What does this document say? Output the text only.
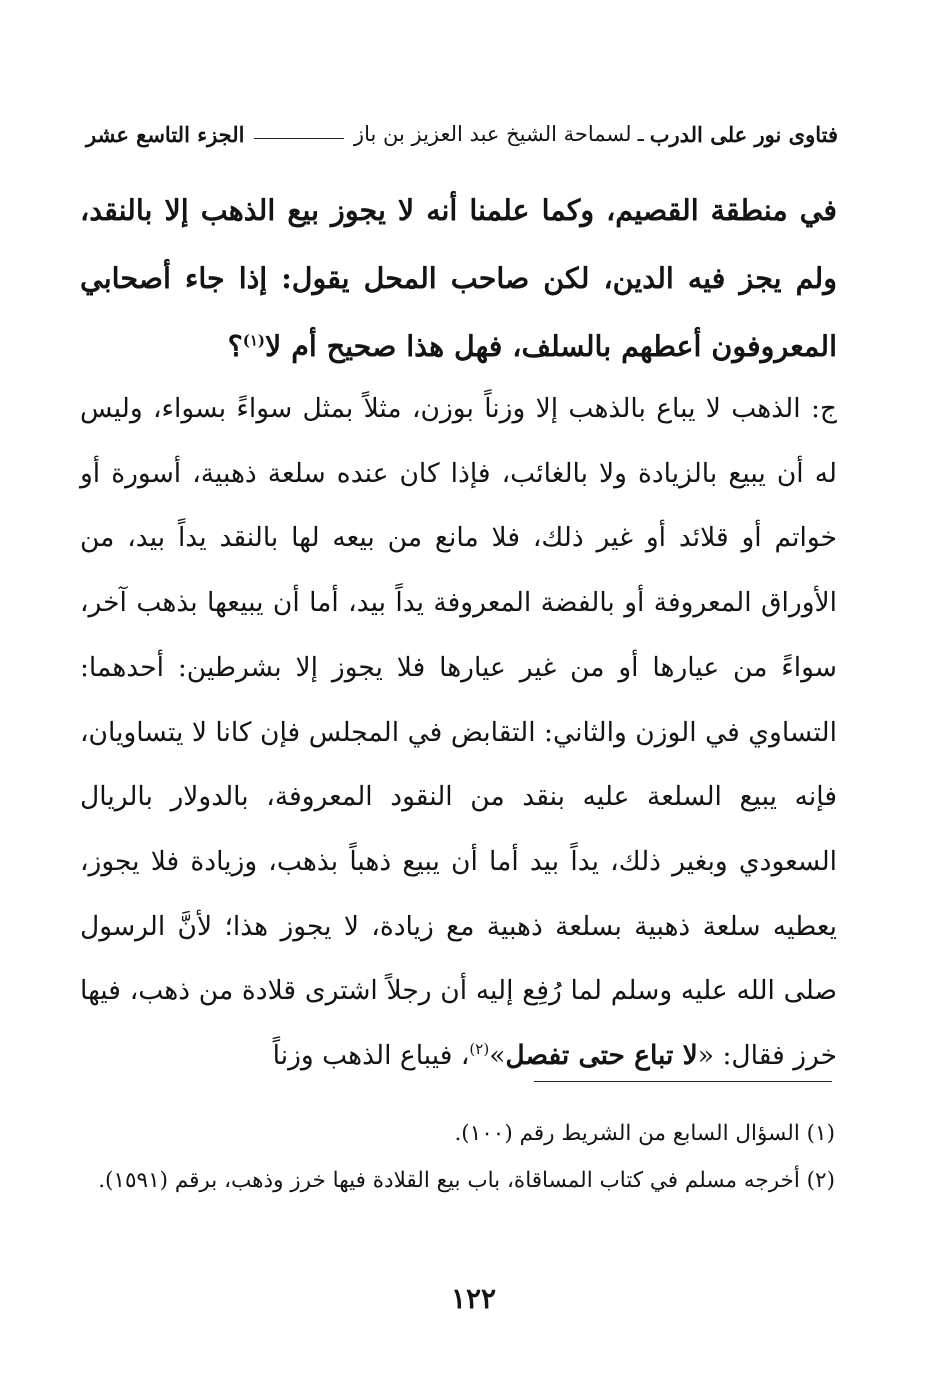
فتاوى نور على الدرب
ـ
لسماحة الشيخ عبد العزيز بن باز
الجزء التاسع عشر
في منطقة القصيم، وكما علمنا أنه لا يجوز بيع الذهب إلا بالنقد، ولم يجز فيه الدين، لكن صاحب المحل يقول: إذا جاء أصحابي المعروفون أعطهم بالسلف، فهل هذا صحيح أم لا$^{(١)}$؟
ج: الذهب لا يباع بالذهب إلا وزناً بوزن، مثلاً بمثل سواءً بسواء، وليس له أن يبيع بالزيادة ولا بالغائب، فإذا كان عنده سلعة ذهبية، أسورة أو خواتم أو قلائد أو غير ذلك، فلا مانع من بيعه لها بالنقد يداً بيد، من الأوراق المعروفة أو بالفضة المعروفة يداً بيد، أما أن يبيعها بذهب آخر، سواءً من عيارها أو من غير عيارها فلا يجوز إلا بشرطين: أحدهما: التساوي في الوزن والثاني: التقابض في المجلس فإن كانا لا يتساويان، فإنه يبيع السلعة عليه بنقد من النقود المعروفة، بالدولار بالريال السعودي وبغير ذلك، يداً بيد أما أن يبيع ذهباً بذهب، وزيادة فلا يجوز، يعطيه سلعة ذهبية بسلعة ذهبية مع زيادة، لا يجوز هذا؛ لأنَّ الرسول صلى الله عليه وسلم لما رُفِع إليه أن رجلاً اشترى قلادة من ذهب، فيها خرز فقال: «لا تباع حتى تفصل»$^{(٢)}$، فيباع الذهب وزناً

(١) السؤال السابع من الشريط رقم (١٠٠).

(٢) أخرجه مسلم في كتاب المساقاة، باب بيع القلادة فيها خرز وذهب، برقم (١٥٩١).

١٢٢
